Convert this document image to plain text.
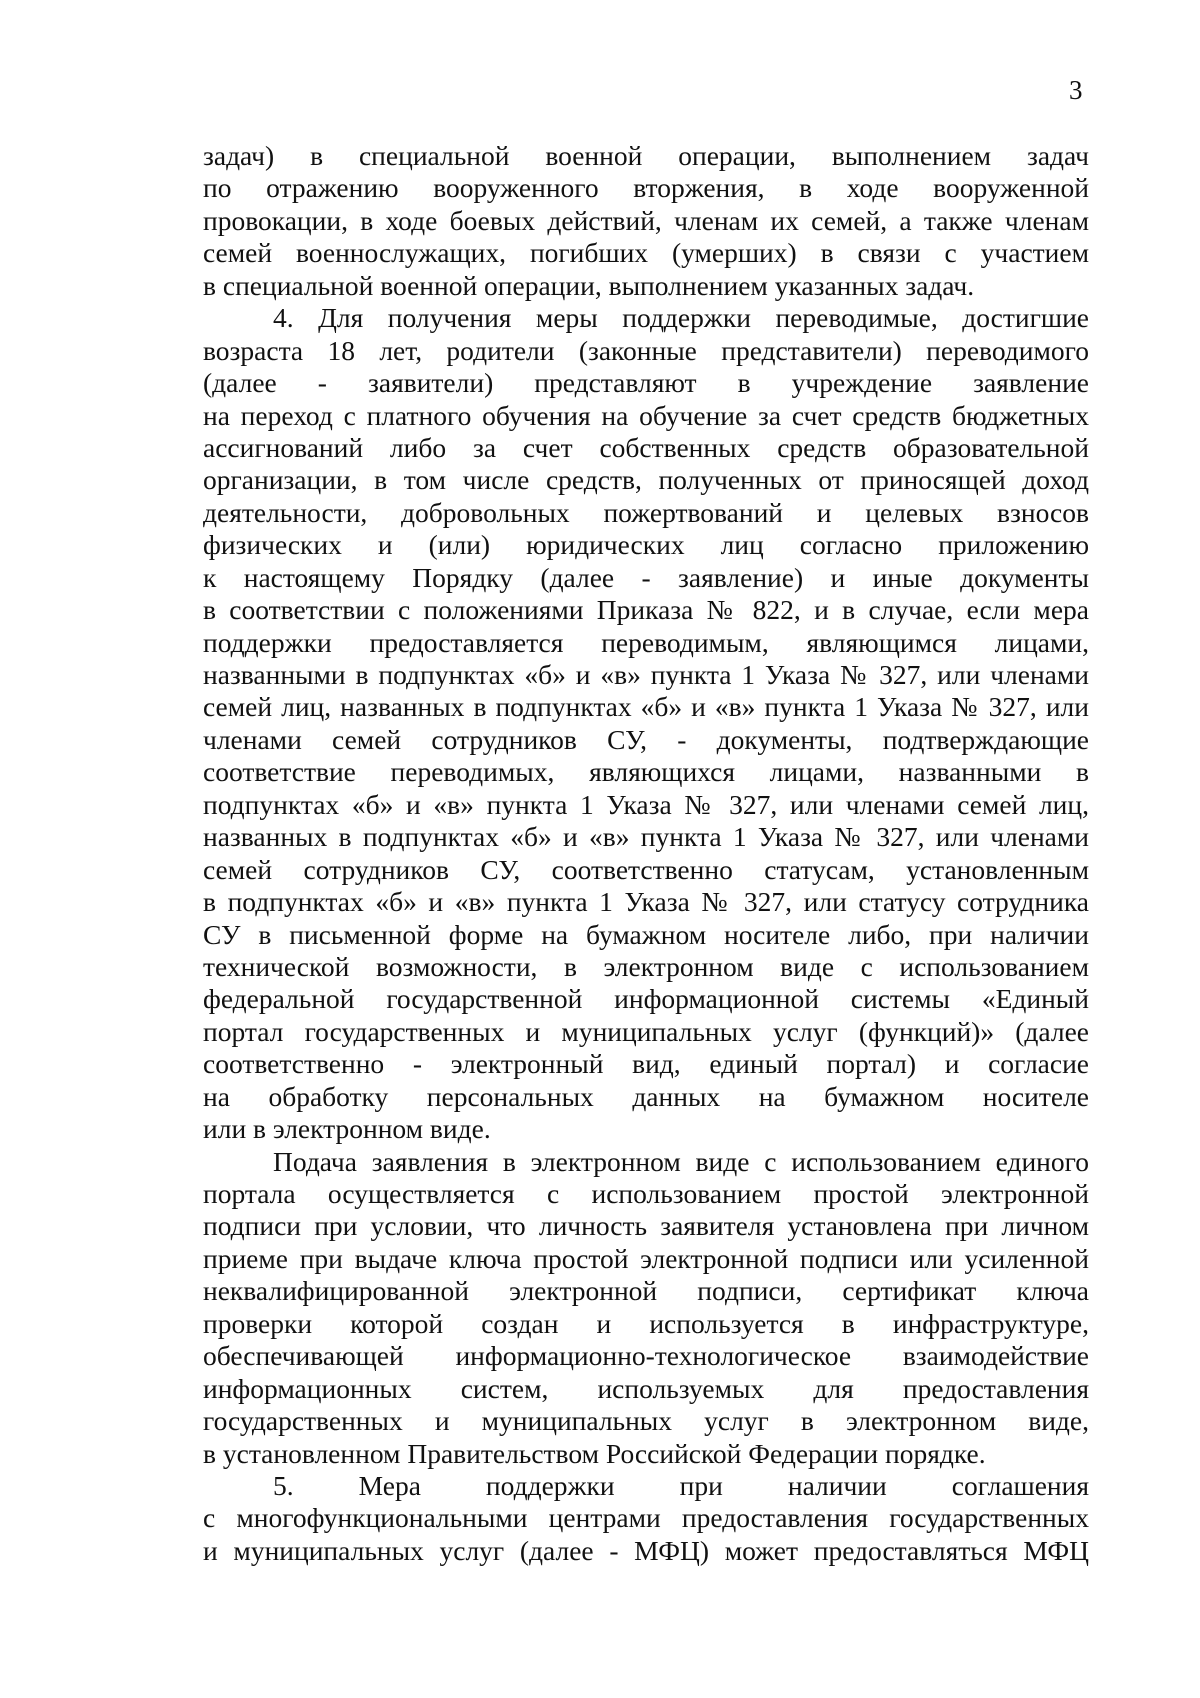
3
задач) в специальной военной операции, выполнением задач
по отражению вооруженного вторжения, в ходе вооруженной
провокации, в ходе боевых действий, членам их семей, а также членам
семей военнослужащих, погибших (умерших) в связи с участием
в специальной военной операции, выполнением указанных задач.
4. Для получения меры поддержки переводимые, достигшие
возраста 18 лет, родители (законные представители) переводимого
(далее - заявители) представляют в учреждение заявление
на переход с платного обучения на обучение за счет средств бюджетных
ассигнований либо за счет собственных средств образовательной
организации, в том числе средств, полученных от приносящей доход
деятельности, добровольных пожертвований и целевых взносов
физических и (или) юридических лиц согласно приложению
к настоящему Порядку (далее - заявление) и иные документы
в соответствии с положениями Приказа № 822, и в случае, если мера
поддержки предоставляется переводимым, являющимся лицами,
названными в подпунктах «б» и «в» пункта 1 Указа № 327, или членами
семей лиц, названных в подпунктах «б» и «в» пункта 1 Указа № 327, или
членами семей сотрудников СУ, - документы, подтверждающие
соответствие переводимых, являющихся лицами, названными в
подпунктах «б» и «в» пункта 1 Указа № 327, или членами семей лиц,
названных в подпунктах «б» и «в» пункта 1 Указа № 327, или членами
семей сотрудников СУ, соответственно статусам, установленным
в подпунктах «б» и «в» пункта 1 Указа № 327, или статусу сотрудника
СУ в письменной форме на бумажном носителе либо, при наличии
технической возможности, в электронном виде с использованием
федеральной государственной информационной системы «Единый
портал государственных и муниципальных услуг (функций)» (далее
соответственно - электронный вид, единый портал) и согласие
на обработку персональных данных на бумажном носителе
или в электронном виде.
Подача заявления в электронном виде с использованием единого
портала осуществляется с использованием простой электронной
подписи при условии, что личность заявителя установлена при личном
приеме при выдаче ключа простой электронной подписи или усиленной
неквалифицированной электронной подписи, сертификат ключа
проверки которой создан и используется в инфраструктуре,
обеспечивающей информационно-технологическое взаимодействие
информационных систем, используемых для предоставления
государственных и муниципальных услуг в электронном виде,
в установленном Правительством Российской Федерации порядке.
5. Мера поддержки при наличии соглашения
с многофункциональными центрами предоставления государственных
и муниципальных услуг (далее - МФЦ) может предоставляться МФЦ
